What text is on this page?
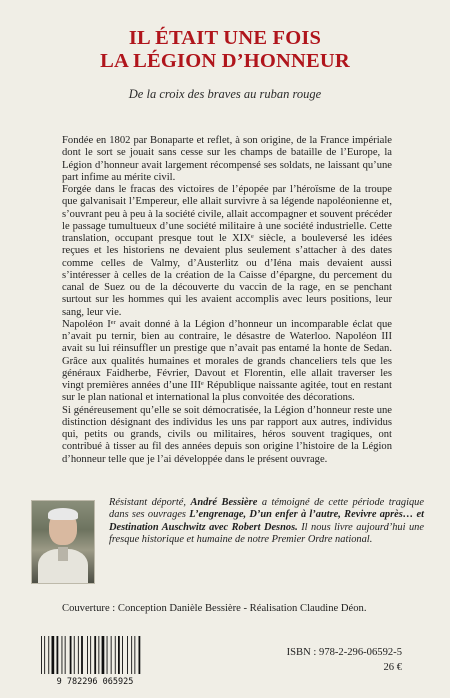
IL ÉTAIT UNE FOIS
LA LÉGION D’HONNEUR
De la croix des braves au ruban rouge

Fondée en 1802 par Bonaparte et reflet, à son origine, de la France impériale dont le sort se jouait sans cesse sur les champs de bataille de l’Europe, la Légion d’honneur avait largement récompensé ses soldats, ne laissant qu’une part infime au mérite civil.

Forgée dans le fracas des victoires de l’épopée par l’héroïsme de la troupe que galvanisait l’Empereur, elle allait survivre à sa légende napoléonienne et, s’ouvrant peu à peu à la société civile, allait accompagner et souvent précéder le passage tumultueux d’une société militaire à une société industrielle. Cette translation, occupant presque tout le XIXᵉ siècle, a bouleversé les idées reçues et les historiens ne devaient plus seulement s’attacher à des dates comme celles de Valmy, d’Austerlitz ou d’Iéna mais devaient aussi s’intéresser à celles de la création de la Caisse d’épargne, du percement du canal de Suez ou de la découverte du vaccin de la rage, en se penchant surtout sur les hommes qui les avaient accomplis avec leurs positions, leur sang, leur vie.

Napoléon Iᵉʳ avait donné à la Légion d’honneur un incomparable éclat que n’avait pu ternir, bien au contraire, le désastre de Waterloo. Napoléon III avait su lui réinsuffler un prestige que n’avait pas entamé la honte de Sedan. Grâce aux qualités humaines et morales de grands chanceliers tels que les généraux Faidherbe, Février, Davout et Florentin, elle allait traverser les vingt premières années d’une IIIᵉ République naissante agitée, tout en restant sur le plan national et international la plus convoitée des décorations.

Si généreusement qu’elle se soit démocratisée, la Légion d’honneur reste une distinction désignant des individus les uns par rapport aux autres, individus qui, petits ou grands, civils ou militaires, héros souvent tragiques, ont contribué à tisser au fil des années depuis son origine l’histoire de la Légion d’honneur telle que je l’ai développée dans le présent ouvrage.

Résistant déporté, André Bessière a témoigné de cette période tragique dans ses ouvrages L’engrenage, D’un enfer à l’autre, Revivre après… et Destination Auschwitz avec Robert Desnos. Il nous livre aujourd’hui une fresque historique et humaine de notre Premier Ordre national.
Couverture : Conception Danièle Bessière - Réalisation Claudine Déon.
9 782296 065925
ISBN : 978-2-296-06592-5
26 €
